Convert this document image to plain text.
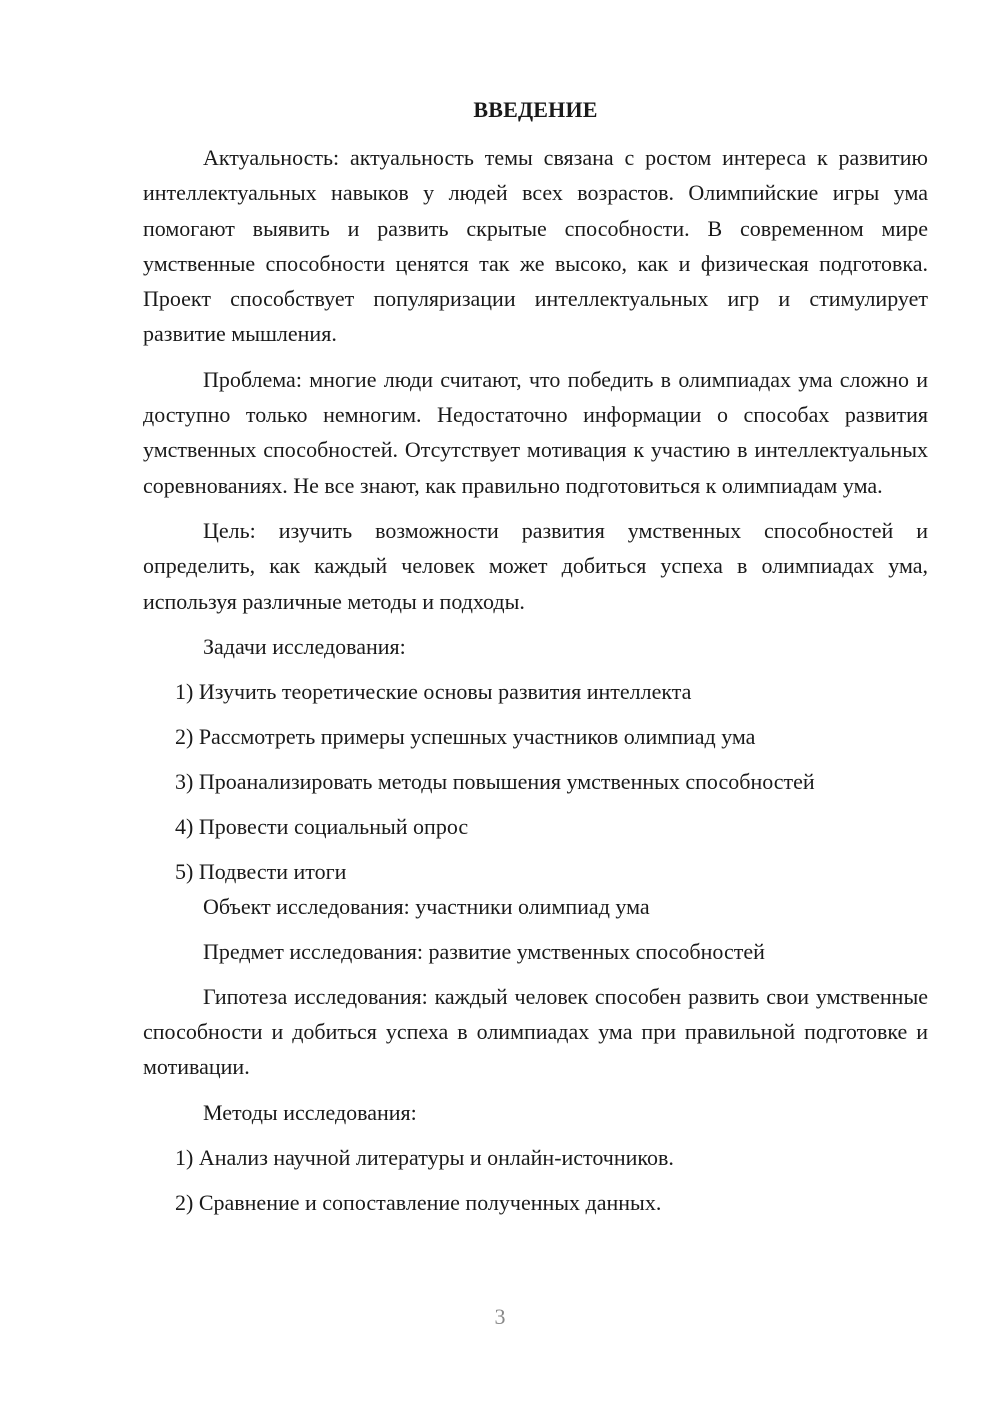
ВВЕДЕНИЕ

Актуальность: актуальность темы связана с ростом интереса к развитию интеллектуальных навыков у людей всех возрастов. Олимпийские игры ума помогают выявить и развить скрытые способности. В современном мире умственные способности ценятся так же высоко, как и физическая подготовка. Проект способствует популяризации интеллектуальных игр и стимулирует развитие мышления.

Проблема: многие люди считают, что победить в олимпиадах ума сложно и доступно только немногим. Недостаточно информации о способах развития умственных способностей. Отсутствует мотивация к участию в интеллектуальных соревнованиях. Не все знают, как правильно подготовиться к олимпиадам ума.

Цель: изучить возможности развития умственных способностей и определить, как каждый человек может добиться успеха в олимпиадах ума, используя различные методы и подходы.

Задачи исследования:

1) Изучить теоретические основы развития интеллекта

2) Рассмотреть примеры успешных участников олимпиад ума

3) Проанализировать методы повышения умственных способностей

4) Провести социальный опрос

5) Подвести итоги

Объект исследования: участники олимпиад ума

Предмет исследования: развитие умственных способностей

Гипотеза исследования: каждый человек способен развить свои умственные способности и добиться успеха в олимпиадах ума при правильной подготовке и мотивации.

Методы исследования:

1) Анализ научной литературы и онлайн-источников.

2) Сравнение и сопоставление полученных данных.

3
